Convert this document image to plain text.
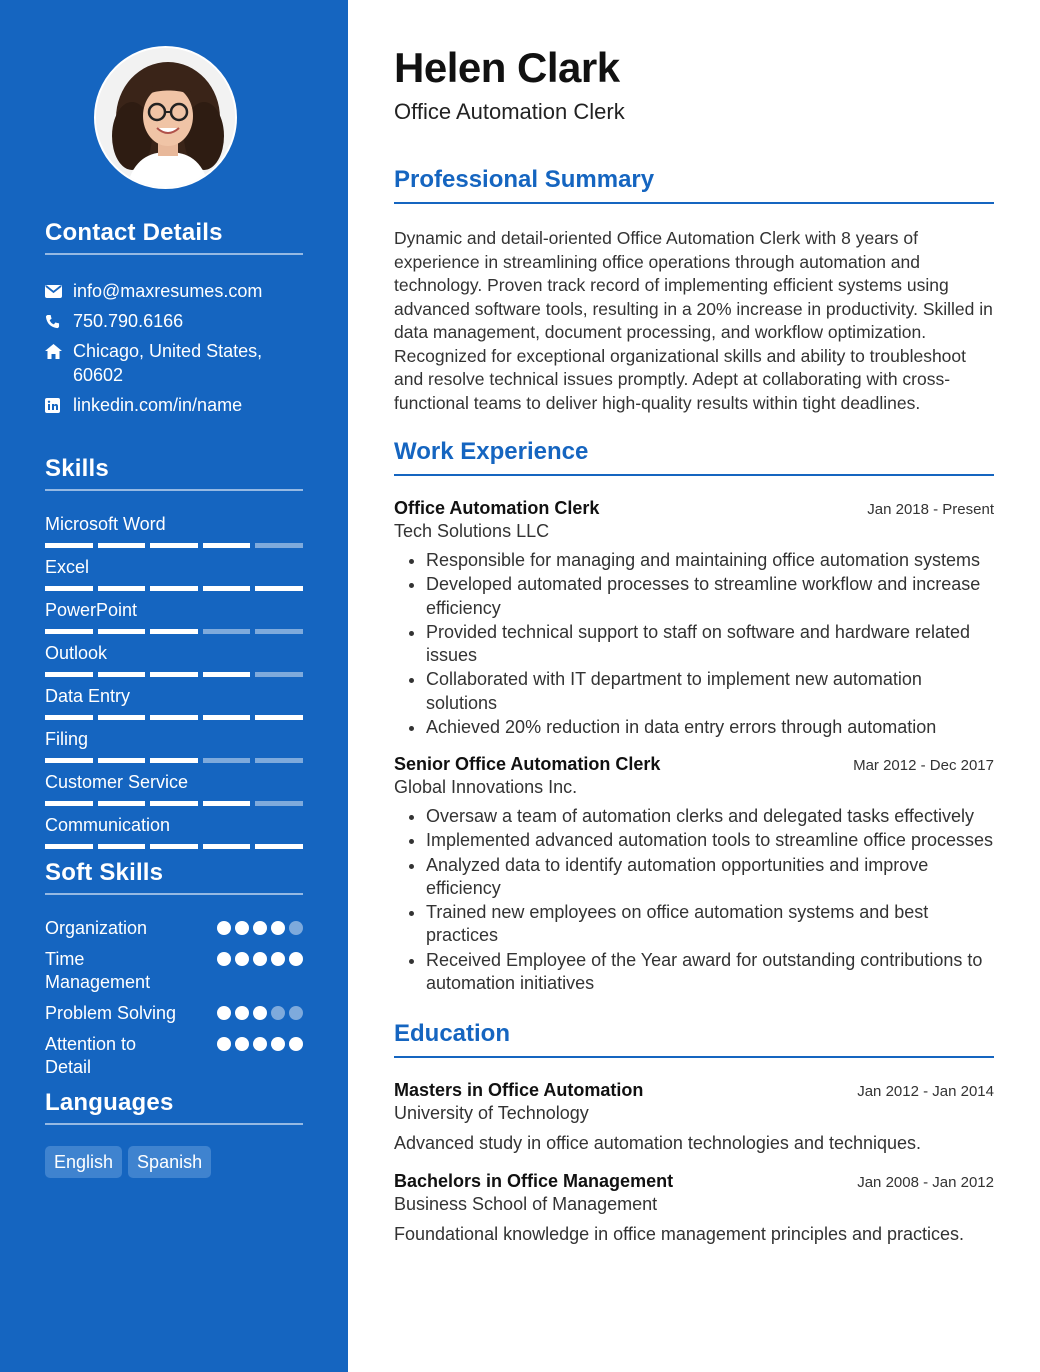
Contact Details
info@maxresumes.com
750.790.6166
Chicago, United States, 60602
linkedin.com/in/name
Skills
Microsoft Word
Excel
PowerPoint
Outlook
Data Entry
Filing
Customer Service
Communication
Soft Skills
Organization
Time Management
Problem Solving
Attention to Detail
Languages
English	Spanish
Helen Clark
Office Automation Clerk
Professional Summary

Dynamic and detail-oriented Office Automation Clerk with 8 years of experience in streamlining office operations through automation and technology. Proven track record of implementing efficient systems using advanced software tools, resulting in a 20% increase in productivity. Skilled in data management, document processing, and workflow optimization. Recognized for exceptional organizational skills and ability to troubleshoot and resolve technical issues promptly. Adept at collaborating with cross-functional teams to deliver high-quality results within tight deadlines.

Work Experience
Office Automation Clerk	Jan 2018 - Present
Tech Solutions LLC
• Responsible for managing and maintaining office automation systems
• Developed automated processes to streamline workflow and increase efficiency
• Provided technical support to staff on software and hardware related issues
• Collaborated with IT department to implement new automation solutions
• Achieved 20% reduction in data entry errors through automation
Senior Office Automation Clerk	Mar 2012 - Dec 2017
Global Innovations Inc.
• Oversaw a team of automation clerks and delegated tasks effectively
• Implemented advanced automation tools to streamline office processes
• Analyzed data to identify automation opportunities and improve efficiency
• Trained new employees on office automation systems and best practices
• Received Employee of the Year award for outstanding contributions to automation initiatives
Education
Masters in Office Automation	Jan 2012 - Jan 2014
University of Technology
Advanced study in office automation technologies and techniques.
Bachelors in Office Management	Jan 2008 - Jan 2012
Business School of Management
Foundational knowledge in office management principles and practices.
